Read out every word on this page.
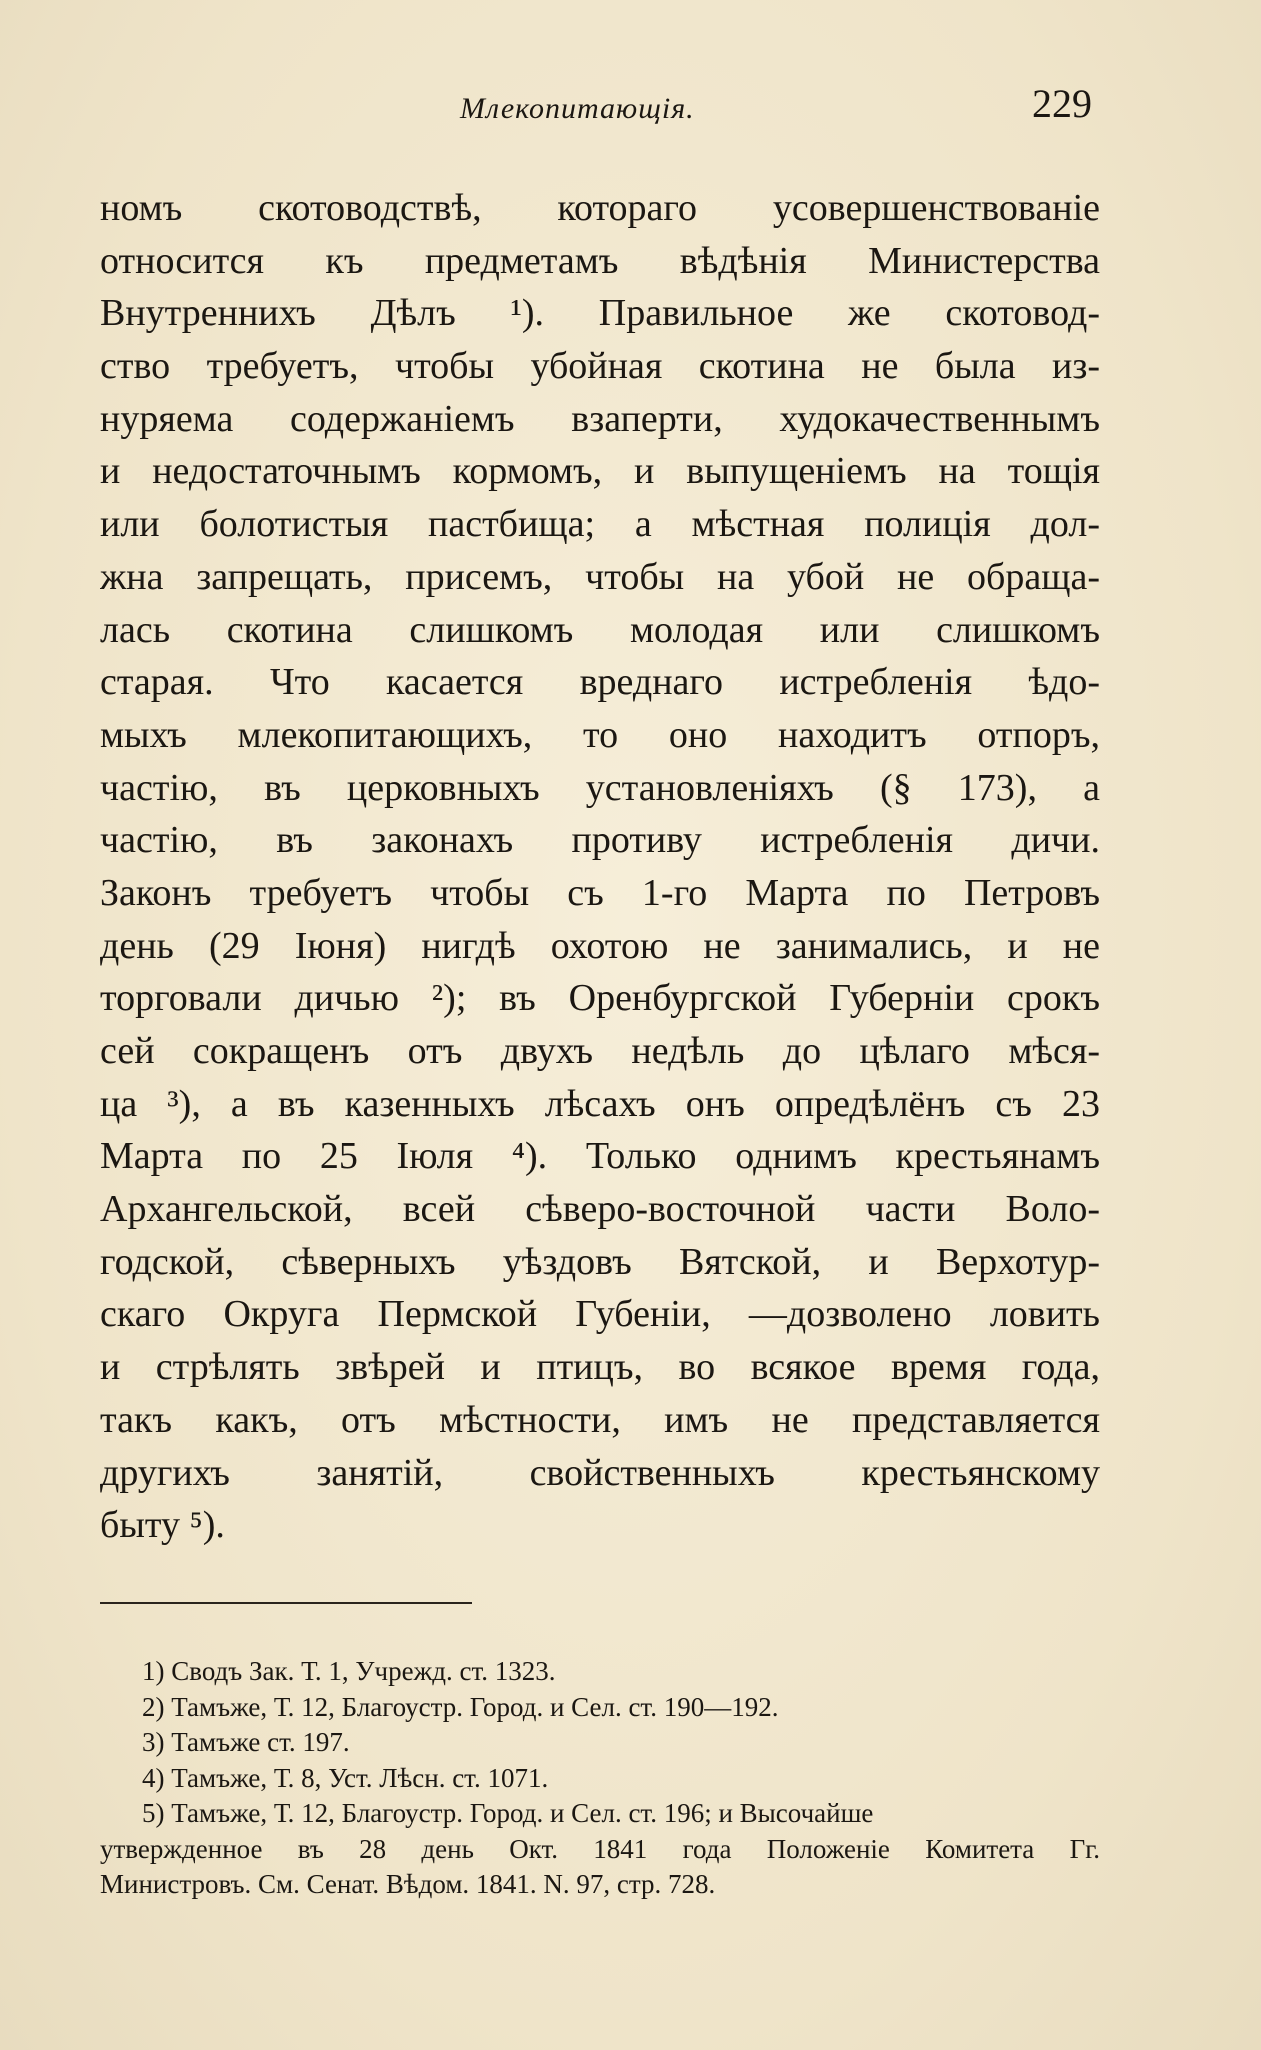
Млекопитающія.	229
номъ скотоводствѣ, котораго усовершенствованіе
относится къ предметамъ вѣдѣнія Министерства
Внутреннихъ Дѣлъ ¹). Правильное же скотовод-
ство требуетъ, чтобы убойная скотина не была из-
нуряема содержаніемъ взаперти, худокачественнымъ
и недостаточнымъ кормомъ, и выпущеніемъ на тощія
или болотистыя пастбища; а мѣстная полиція дол-
жна запрещать, присемъ, чтобы на убой не обраща-
лась скотина слишкомъ молодая или слишкомъ
старая. Что касается вреднаго истребленія ѣдо-
мыхъ млекопитающихъ, то оно находитъ отпоръ,
частію, въ церковныхъ установленіяхъ (§ 173), а
частію, въ законахъ противу истребленія дичи.
Законъ требуетъ чтобы съ 1-го Марта по Петровъ
день (29 Іюня) нигдѣ охотою не занимались, и не
торговали дичью ²); въ Оренбургской Губерніи срокъ
сей сокращенъ отъ двухъ недѣль до цѣлаго мѣся-
ца ³), а въ казенныхъ лѣсахъ онъ опредѣлёнъ съ 23
Марта по 25 Іюля ⁴). Только однимъ крестьянамъ
Архангельской, всей сѣверо-восточной части Воло-
годской, сѣверныхъ уѣздовъ Вятской, и Верхотур-
скаго Округа Пермской Губеніи, —дозволено ловить
и стрѣлять звѣрей и птицъ, во всякое время года,
такъ какъ, отъ мѣстности, имъ не представляется
другихъ занятій, свойственныхъ крестьянскому
быту ⁵).
1) Сводъ Зак. Т. 1, Учрежд. ст. 1323.
2) Тамъже, Т. 12, Благоустр. Город. и Сел. ст. 190—192.
3) Тамъже ст. 197.
4) Тамъже, Т. 8, Уст. Лѣсн. ст. 1071.
5) Тамъже, Т. 12, Благоустр. Город. и Сел. ст. 196; и Высочайше
утвержденное въ 28 день Окт. 1841 года Положеніе Комитета Гг.
Министровъ. См. Сенат. Вѣдом. 1841. N. 97, стр. 728.
